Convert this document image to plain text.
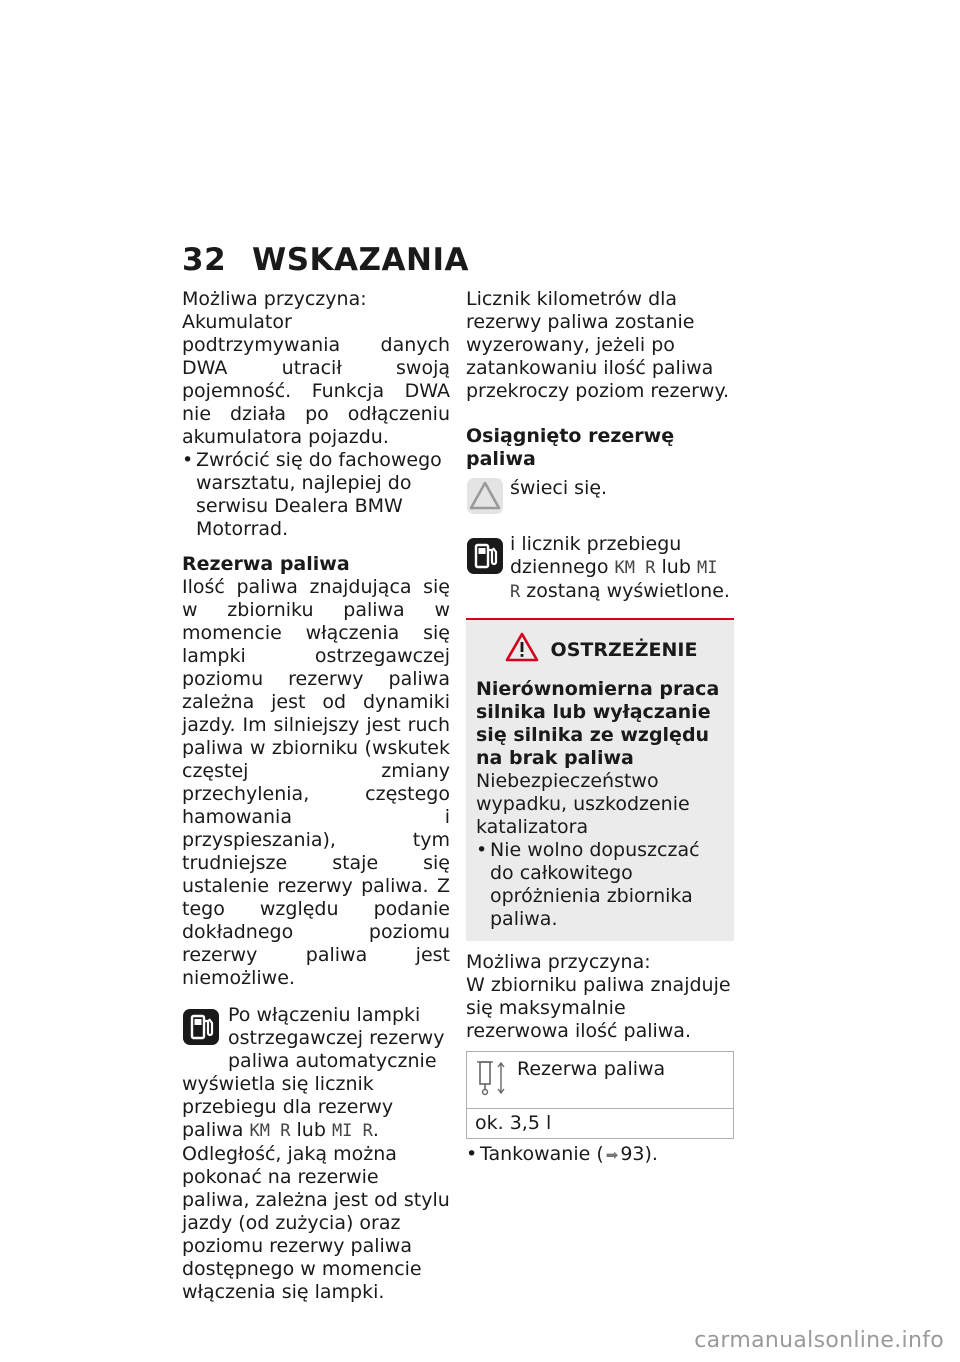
32 WSKAZANIA

Możliwa przyczyna:

Akumulator podtrzymywania danych DWA utracił swoją pojemność. Funkcja DWA nie działa po odłączeniu akumulatora pojazdu.

• Zwrócić się do fachowego warsztatu, najlepiej do serwisu Dealera BMW Motorrad.

Rezerwa paliwa

Ilość paliwa znajdująca się w zbiorniku paliwa w momencie włączenia się lampki ostrzegawczej poziomu rezerwy paliwa zależna jest od dynamiki jazdy. Im silniejszy jest ruch paliwa w zbiorniku (wskutek częstej zmiany przechylenia, częstego hamowania i przyspieszania), tym trudniejsze staje się ustalenie rezerwy paliwa. Z tego względu podanie dokładnego poziomu rezerwy paliwa jest niemożliwe.

Po włączeniu lampki ostrzegawczej rezerwy paliwa automatycznie wyświetla się licznik przebiegu dla rezerwy paliwa KM R lub MI R. Odległość, jaką można pokonać na rezerwie paliwa, zależna jest od stylu jazdy (od zużycia) oraz poziomu rezerwy paliwa dostępnego w momencie włączenia się lampki.

Licznik kilometrów dla rezerwy paliwa zostanie wyzerowany, jeżeli po zatankowaniu ilość paliwa przekroczy poziom rezerwy.

Osiągnięto rezerwę paliwa

świeci się.
i licznik przebiegu dziennego KM R lub MI R zostaną wyświetlone.
OSTRZEŻENIE

Nierównomierna praca silnika lub wyłączanie się silnika ze względu na brak paliwa

Niebezpieczeństwo wypadku, uszkodzenie katalizatora

• Nie wolno dopuszczać do całkowitego opróżnienia zbiornika paliwa.

Możliwa przyczyna:

W zbiorniku paliwa znajduje się maksymalnie rezerwowa ilość paliwa.

Rezerwa paliwa
ok. 3,5 l
• Tankowanie ( ➡ 93).
carmanualsonline.info
